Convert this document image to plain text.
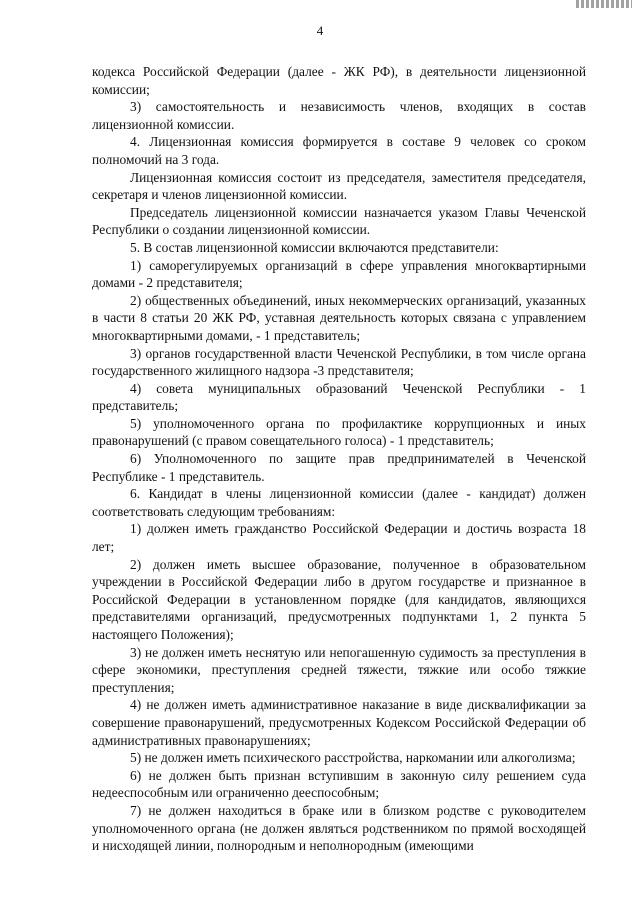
4

кодекса Российской Федерации (далее - ЖК РФ), в деятельности лицензионной комиссии;

3) самостоятельность и независимость членов, входящих в состав лицензионной комиссии.

4. Лицензионная комиссия формируется в составе 9 человек со сроком полномочий на 3 года.

Лицензионная комиссия состоит из председателя, заместителя председателя, секретаря и членов лицензионной комиссии.

Председатель лицензионной комиссии назначается указом Главы Чеченской Республики о создании лицензионной комиссии.

5. В состав лицензионной комиссии включаются представители:

1) саморегулируемых организаций в сфере управления многоквартирными домами - 2 представителя;

2) общественных объединений, иных некоммерческих организаций, указанных в части 8 статьи 20 ЖК РФ, уставная деятельность которых связана с управлением многоквартирными домами, - 1 представитель;

3) органов государственной власти Чеченской Республики, в том числе органа государственного жилищного надзора -3 представителя;

4) совета муниципальных образований Чеченской Республики - 1 представитель;

5) уполномоченного органа по профилактике коррупционных и иных правонарушений (с правом совещательного голоса) - 1 представитель;

6) Уполномоченного по защите прав предпринимателей в Чеченской Республике - 1 представитель.

6. Кандидат в члены лицензионной комиссии (далее - кандидат) должен соответствовать следующим требованиям:

1) должен иметь гражданство Российской Федерации и достичь возраста 18 лет;

2) должен иметь высшее образование, полученное в образовательном учреждении в Российской Федерации либо в другом государстве и признанное в Российской Федерации в установленном порядке (для кандидатов, являющихся представителями организаций, предусмотренных подпунктами 1, 2 пункта 5 настоящего Положения);

3) не должен иметь неснятую или непогашенную судимость за преступления в сфере экономики, преступления средней тяжести, тяжкие или особо тяжкие преступления;

4) не должен иметь административное наказание в виде дисквалификации за совершение правонарушений, предусмотренных Кодексом Российской Федерации об административных правонарушениях;

5) не должен иметь психического расстройства, наркомании или алкоголизма;

6) не должен быть признан вступившим в законную силу решением суда недееспособным или ограниченно дееспособным;

7) не должен находиться в браке или в близком родстве с руководителем уполномоченного органа (не должен являться родственником по прямой восходящей и нисходящей линии, полнородным и неполнородным (имеющими
